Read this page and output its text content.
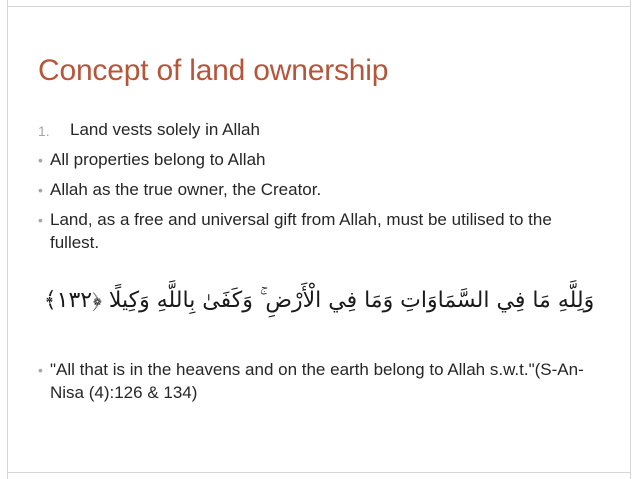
Concept of land ownership
1. Land vests solely in Allah
• All properties belong to Allah
• Allah as the true owner, the Creator.
• Land, as a free and universal gift from Allah, must be utilised to the fullest.
• "All that is in the heavens and on the earth belong to Allah s.w.t."(S-An-Nisa (4):126 & 134)
وَلِلَّهِ مَا فِي السَّمَاوَاتِ وَمَا فِي الْأَرْضِ ۚ وَكَفَىٰ بِاللَّهِ وَكِيلًا ﴿١٣٢﴾
